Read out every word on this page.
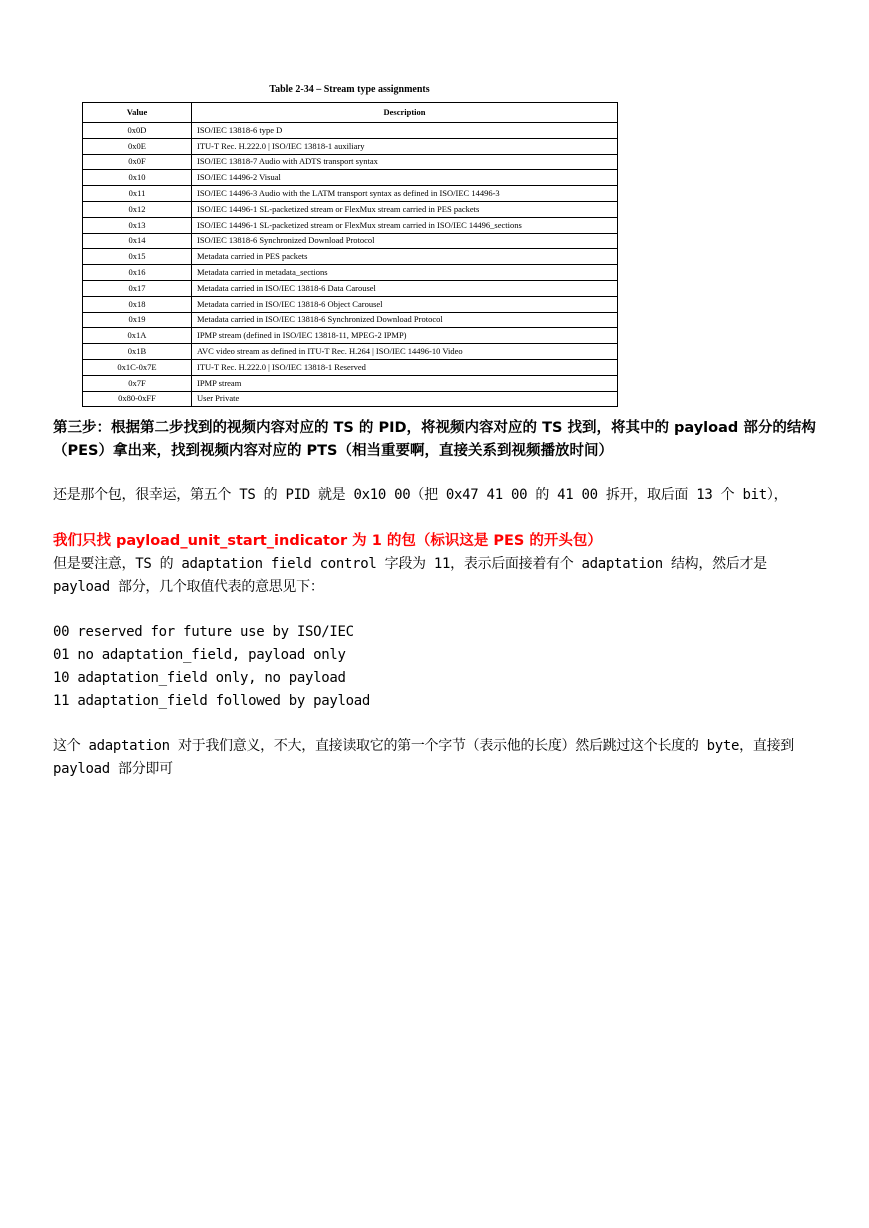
Table 2-34 – Stream type assignments
Value	Description
0x0D	ISO/IEC 13818-6 type D
0x0E	ITU-T Rec. H.222.0 | ISO/IEC 13818-1 auxiliary
0x0F	ISO/IEC 13818-7 Audio with ADTS transport syntax
0x10	ISO/IEC 14496-2 Visual
0x11	ISO/IEC 14496-3 Audio with the LATM transport syntax as defined in ISO/IEC 14496-3
0x12	ISO/IEC 14496-1 SL-packetized stream or FlexMux stream carried in PES packets
0x13	ISO/IEC 14496-1 SL-packetized stream or FlexMux stream carried in ISO/IEC 14496_sections
0x14	ISO/IEC 13818-6 Synchronized Download Protocol
0x15	Metadata carried in PES packets
0x16	Metadata carried in metadata_sections
0x17	Metadata carried in ISO/IEC 13818-6 Data Carousel
0x18	Metadata carried in ISO/IEC 13818-6 Object Carousel
0x19	Metadata carried in ISO/IEC 13818-6 Synchronized Download Protocol
0x1A	IPMP stream (defined in ISO/IEC 13818-11, MPEG-2 IPMP)
0x1B	AVC video stream as defined in ITU-T Rec. H.264 | ISO/IEC 14496-10 Video
0x1C-0x7E	ITU-T Rec. H.222.0 | ISO/IEC 13818-1 Reserved
0x7F	IPMP stream
0x80-0xFF	User Private
第三步：根据第二步找到的视频内容对应的 TS 的 PID，将视频内容对应的 TS 找到，将其中的 payload 部分的结构（PES）拿出来，找到视频内容对应的 PTS（相当重要啊，直接关系到视频播放时间）
还是那个包，很幸运，第五个 TS 的 PID 就是 0x10 00（把 0x47 41 00 的 41 00 拆开，取后面 13 个 bit），
我们只找 payload_unit_start_indicator 为 1 的包（标识这是 PES 的开头包）
但是要注意，TS 的 adaptation field control 字段为 11，表示后面接着有个 adaptation 结构，然后才是 payload 部分，几个取值代表的意思见下：
00 reserved for future use by ISO/IEC
01 no adaptation_field, payload only
10 adaptation_field only, no payload
11 adaptation_field followed by payload
这个 adaptation 对于我们意义，不大，直接读取它的第一个字节（表示他的长度）然后跳过这个长度的 byte，直接到 payload 部分即可
